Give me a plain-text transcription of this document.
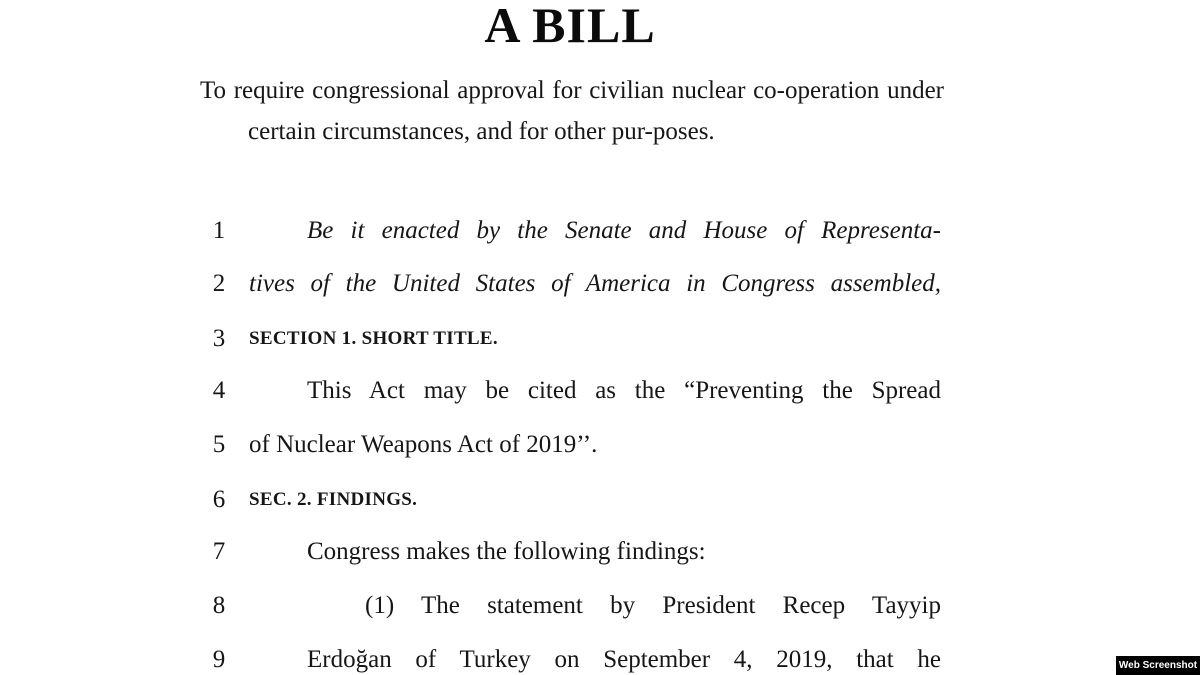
A BILL
To require congressional approval for civilian nuclear co-operation under certain circumstances, and for other pur-poses.
1	Be it enacted by the Senate and House of Representa-
2 tives of the United States of America in Congress assembled,
3	SECTION 1. SHORT TITLE.
4	This Act may be cited as the “Preventing the Spread
5 of Nuclear Weapons Act of 2019’’.
6	SEC. 2. FINDINGS.
7	Congress makes the following findings:
8	(1) The statement by President Recep Tayyip
9	Erdoğan of Turkey on September 4, 2019, that he	Web Screenshot
